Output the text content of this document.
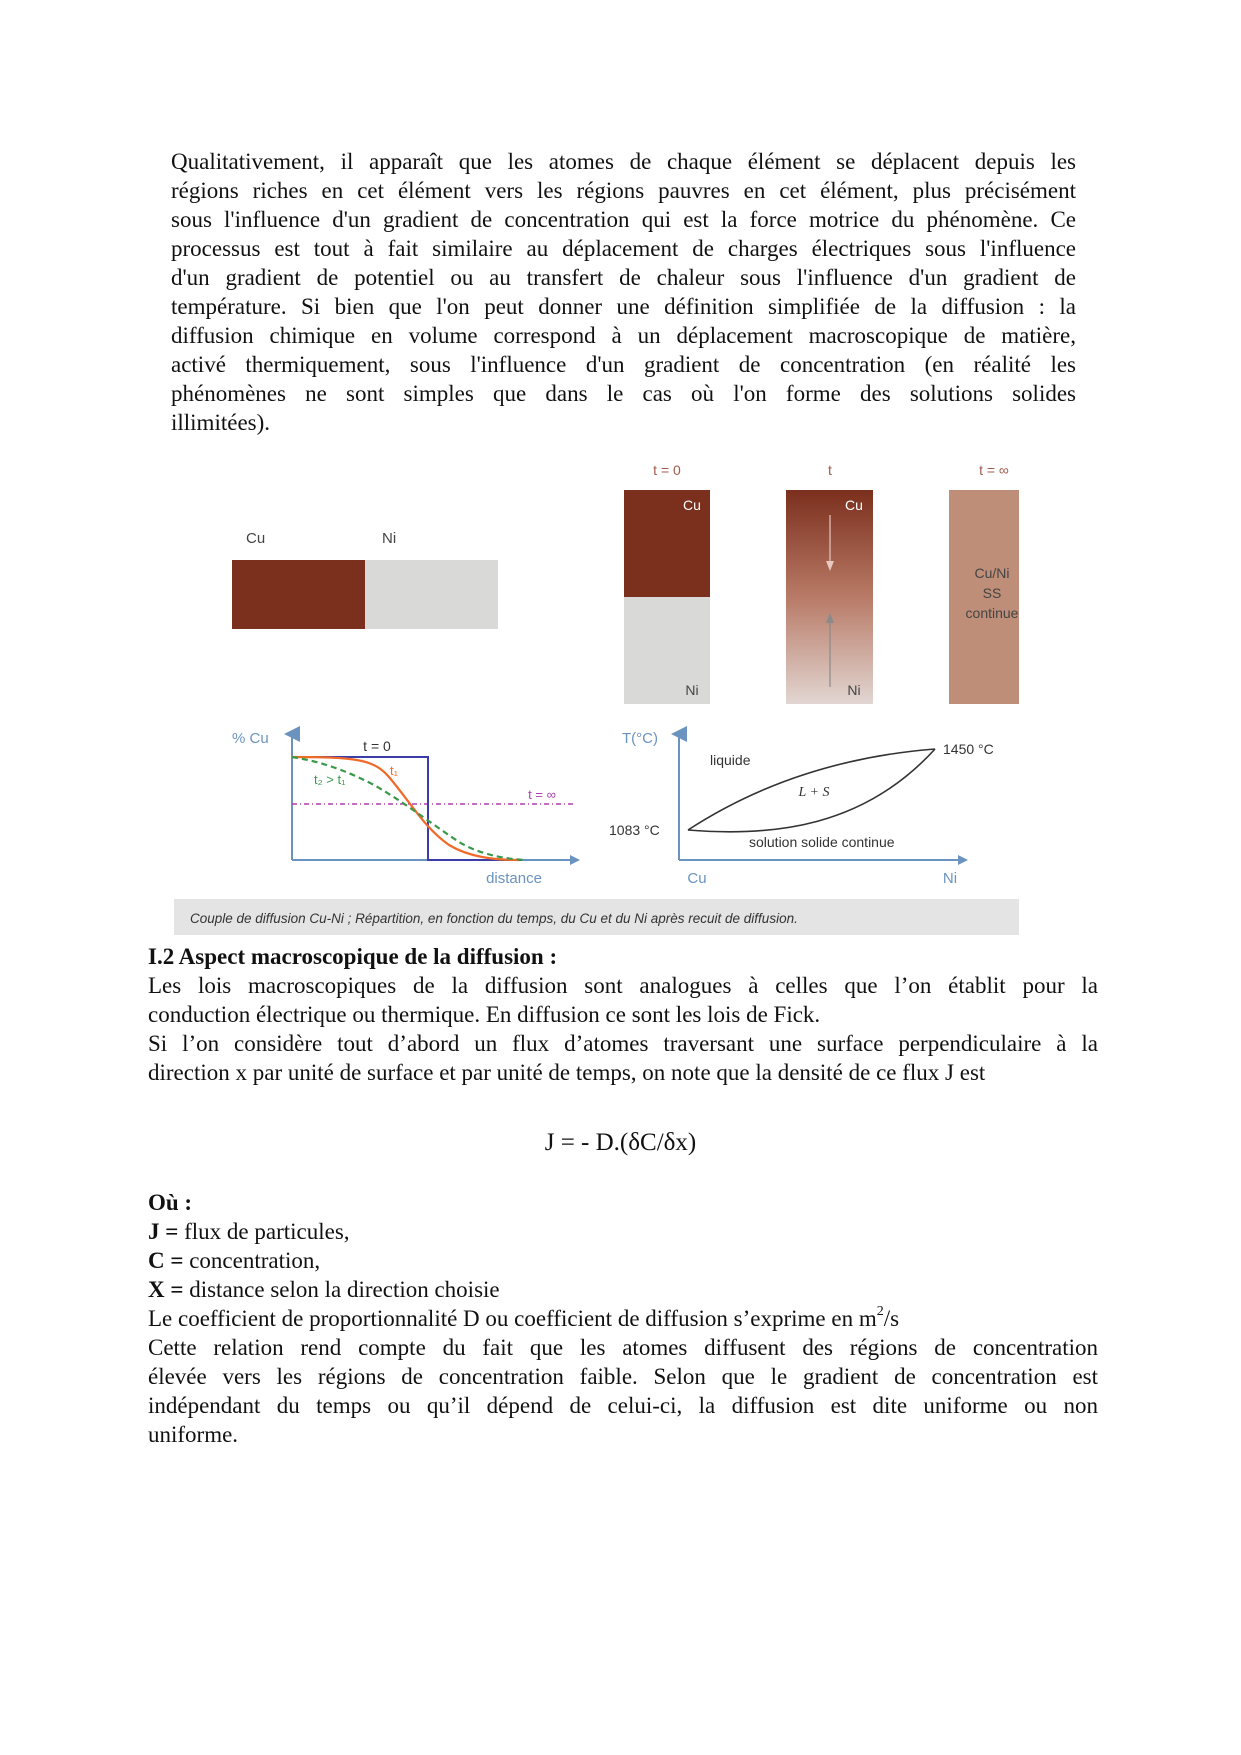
Qualitativement, il apparaît que les atomes de chaque élément se déplacent depuis les
régions riches en cet élément vers les régions pauvres en cet élément, plus précisément
sous l'influence d'un gradient de concentration qui est la force motrice du phénomène. Ce
processus est tout à fait similaire au déplacement de charges électriques sous l'influence
d'un gradient de potentiel ou au transfert de chaleur sous l'influence d'un gradient de
température. Si bien que l'on peut donner une définition simplifiée de la diffusion : la
diffusion chimique en volume correspond à un déplacement macroscopique de matière,
activé thermiquement, sous l'influence d'un gradient de concentration (en réalité les
phénomènes ne sont simples que dans le cas où l'on forme des solutions solides
illimitées).
Cu	Ni
t = 0
Cu
Ni
t
Cu
Ni
t = ∞
Cu/Ni
SS
continue
% Cu
distance
t = ∞
t = 0
t₁
t₂ > t₁
T(°C)
Cu	Ni
liquide
L + S
solution solide continue
1450 °C
1083 °C
Couple de diffusion Cu-Ni ; Répartition, en fonction du temps, du Cu et du Ni après recuit de diffusion.
I.2 Aspect macroscopique de la diffusion :
Les lois macroscopiques de la diffusion sont analogues à celles que l’on établit pour la
conduction électrique ou thermique. En diffusion ce sont les lois de Fick.
Si l’on considère tout d’abord un flux d’atomes traversant une surface perpendiculaire à la
direction x par unité de surface et par unité de temps, on note que la densité de ce flux J est
J = - D.(δC/δx)
Où :
J = flux de particules,
C = concentration,
X = distance selon la direction choisie
Le coefficient de proportionnalité D ou coefficient de diffusion s’exprime en $m^2/s$
Cette relation rend compte du fait que les atomes diffusent des régions de concentration
élevée vers les régions de concentration faible. Selon que le gradient de concentration est
indépendant du temps ou qu’il dépend de celui-ci, la diffusion est dite uniforme ou non
uniforme.
